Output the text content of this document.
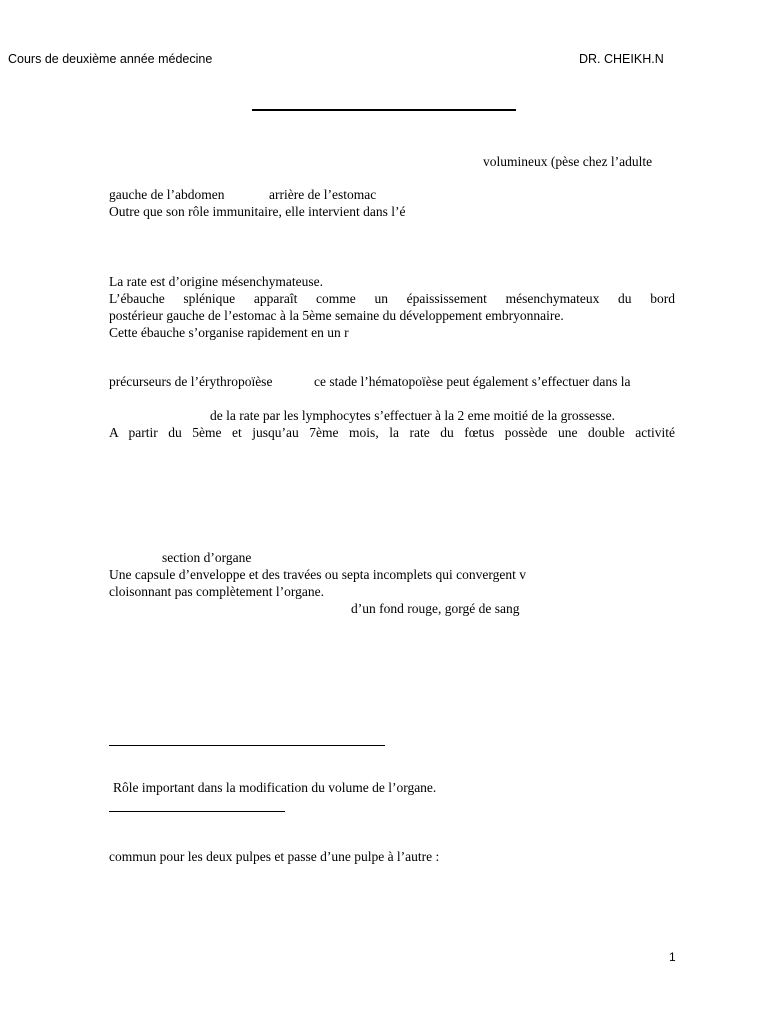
Cours de deuxième année médecine	DR. CHEIKH.N
volumineux (pèse chez l’adulte
gauche de l’abdomen	arrière de l’estomac
Outre que son rôle immunitaire, elle intervient dans l’é
La rate est d’origine mésenchymateuse.
L’ébauche splénique apparaît comme un épaississement mésenchymateux du bord
postérieur gauche de l’estomac à la 5ème semaine du développement embryonnaire.
Cette ébauche s’organise rapidement en un r
précurseurs de l’érythropoïèse	ce stade l’hématopoïèse peut également s’effectuer dans la
de la rate par les lymphocytes s’effectuer à la 2 eme moitié de la grossesse.
A partir du 5ème et jusqu’au 7ème mois, la rate du fœtus possède une double activité
section d’organe
Une capsule d’enveloppe et des travées ou septa incomplets qui convergent v
cloisonnant pas complètement l’organe.
d’un fond rouge, gorgé de sang
Rôle important dans la modification du volume de l’organe.
commun pour les deux pulpes et passe d’une pulpe à l’autre :
1
